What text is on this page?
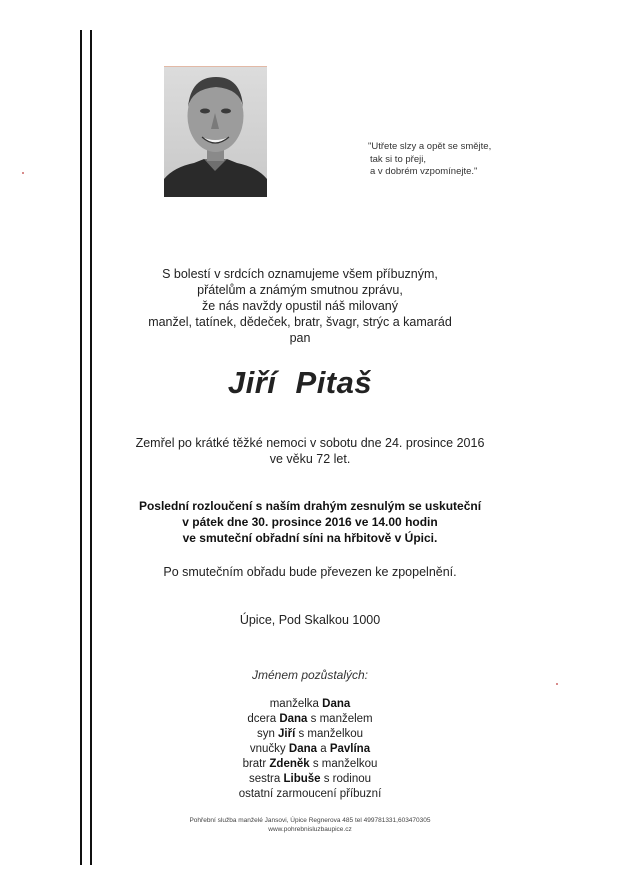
"Utřete slzy a opět se smějte,
tak si to přeji,
a v dobrém vzpomínejte."
S bolestí v srdcích oznamujeme všem příbuzným,
přátelům a známým smutnou zprávu,
že nás navždy opustil náš milovaný
manžel, tatínek, dědeček, bratr, švagr, strýc a kamarád
pan
Jiří Pitaš
Zemřel po krátké těžké nemoci v sobotu dne 24. prosince 2016
ve věku 72 let.
Poslední rozloučení s naším drahým zesnulým se uskuteční
v pátek dne 30. prosince 2016 ve 14.00 hodin
ve smuteční obřadní síni na hřbitově v Úpici.
Po smutečním obřadu bude převezen ke zpopelnění.
Úpice, Pod Skalkou 1000
Jménem pozůstalých:
manželka Dana
dcera Dana s manželem
syn Jiří s manželkou
vnučky Dana a Pavlína
bratr Zdeněk s manželkou
sestra Libuše s rodinou
ostatní zarmoucení příbuzní
Pohřební služba manželé Jansovi, Úpice Regnerova 485 tel 499781331,603470305
www.pohrebnisluzbaupice.cz
